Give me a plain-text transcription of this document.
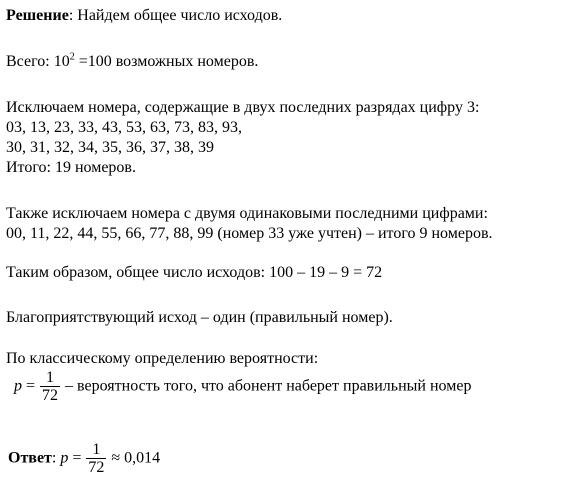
Решение: Найдем общее число исходов.
Всего: $10^2 =100$ возможных номеров.
Исключаем номера, содержащие в двух последних разрядах цифру 3:
03, 13, 23, 33, 43, 53, 63, 73, 83, 93,
30, 31, 32, 34, 35, 36, 37, 38, 39
Итого: 19 номеров.
Также исключаем номера с двумя одинаковыми последними цифрами:
00, 11, 22, 44, 55, 66, 77, 88, 99 (номер 33 уже учтен) – итого 9 номеров.
Таким образом, общее число исходов: 100 – 19 – 9 = 72
Благоприятствующий исход – один (правильный номер).
По классическому определению вероятности:
$p = \frac{1}{72}$ – вероятность того, что абонент наберет правильный номер
Ответ: $p = \frac{1}{72} \approx 0,014$
